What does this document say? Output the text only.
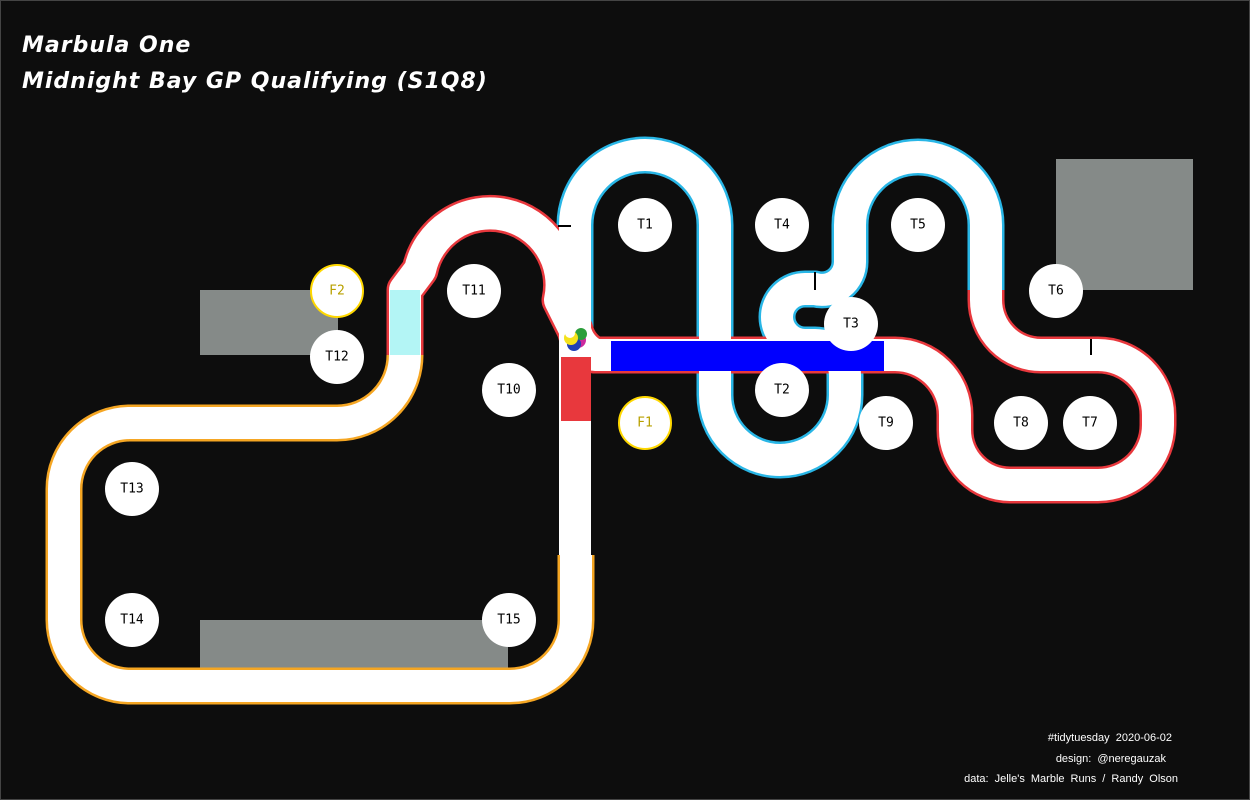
Marbula One
Midnight Bay GP Qualifying (S1Q8)
T1
T2
T3
T4	T5
T6
T7
T8
T9
T10
T11
T12
T13
T14	T15
F1
F2
#tidytuesday 2020-06-02
design: @neregauzak
data: Jelle's Marble Runs / Randy Olson
